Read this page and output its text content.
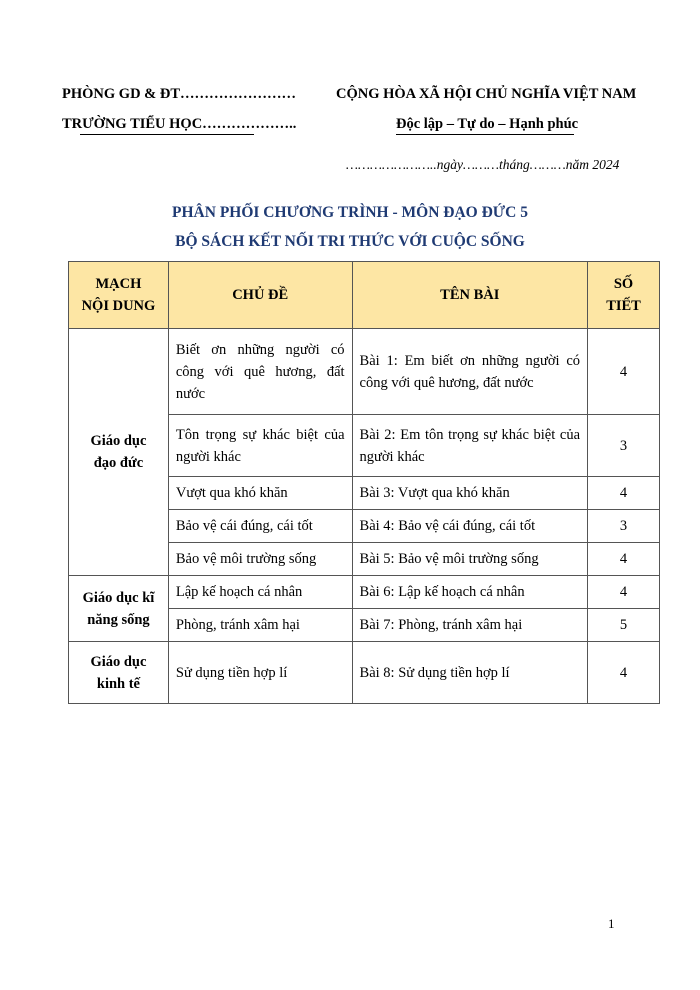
PHÒNG GD & ĐT……………………
TRƯỜNG TIỂU HỌC………………..
CỘNG HÒA XÃ HỘI CHỦ NGHĨA VIỆT NAM
Độc lập – Tự do – Hạnh phúc
…………………..ngày………tháng………năm 2024
PHÂN PHỐI CHƯƠNG TRÌNH - MÔN ĐẠO ĐỨC 5
BỘ SÁCH KẾT NỐI TRI THỨC VỚI CUỘC SỐNG
MẠCH
NỘI DUNG	CHỦ ĐỀ	TÊN BÀI	SỐ
TIẾT
Giáo dục
đạo đức	Biết ơn những người có công với quê hương, đất nước	Bài 1: Em biết ơn những người có công với quê hương, đất nước	4
	Tôn trọng sự khác biệt của người khác	Bài 2: Em tôn trọng sự khác biệt của người khác	3
	Vượt qua khó khăn	Bài 3: Vượt qua khó khăn	4
	Bảo vệ cái đúng, cái tốt	Bài 4: Bảo vệ cái đúng, cái tốt	3
	Bảo vệ môi trường sống	Bài 5: Bảo vệ môi trường sống	4
Giáo dục kĩ
năng sống	Lập kế hoạch cá nhân	Bài 6: Lập kế hoạch cá nhân	4
	Phòng, tránh xâm hại	Bài 7: Phòng, tránh xâm hại	5
Giáo dục
kinh tế	Sử dụng tiền hợp lí	Bài 8: Sử dụng tiền hợp lí	4
1
